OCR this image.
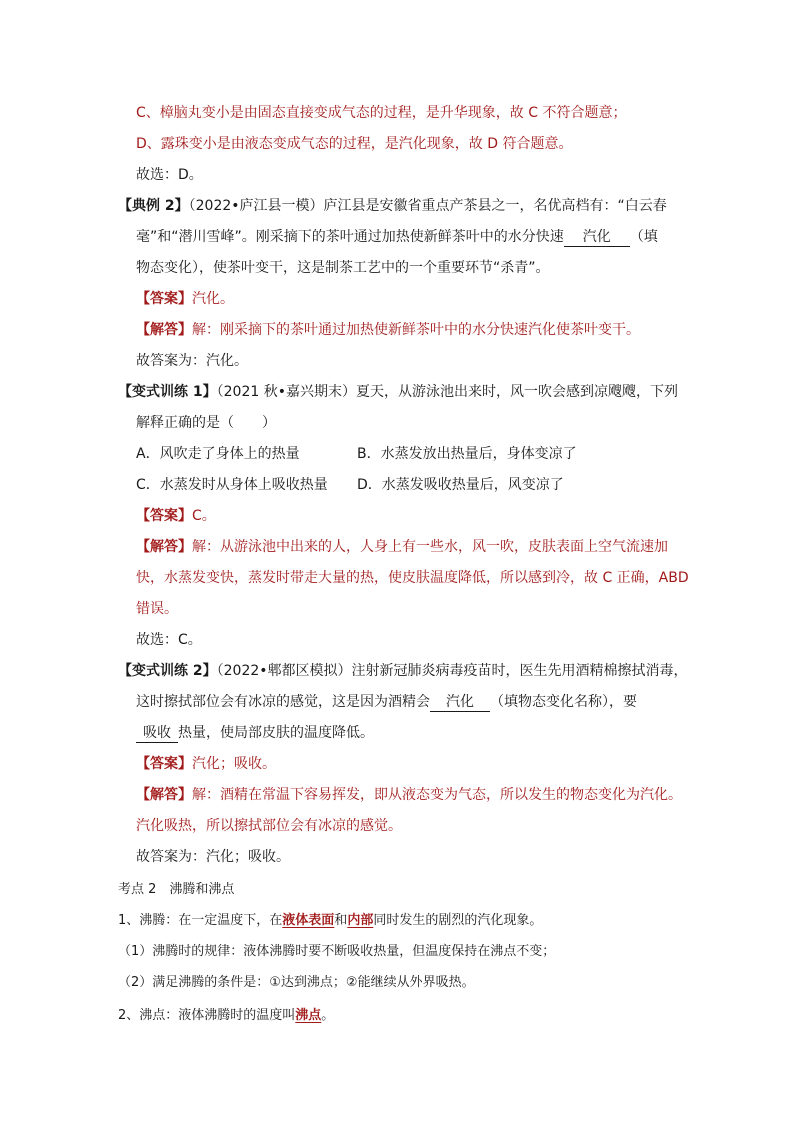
C、樟脑丸变小是由固态直接变成气态的过程，是升华现象，故 C 不符合题意；
D、露珠变小是由液态变成气态的过程，是汽化现象，故 D 符合题意。
故选：D。
【典例 2】（2022•庐江县一模）庐江县是安徽省重点产茶县之一，名优高档有：“白云春
毫”和“潜川雪峰”。刚采摘下的茶叶通过加热使新鲜茶叶中的水分快速 汽化 （填
物态变化），使茶叶变干，这是制茶工艺中的一个重要环节“杀青”。
【答案】汽化。
【解答】解：刚采摘下的茶叶通过加热使新鲜茶叶中的水分快速汽化使茶叶变干。
故答案为：汽化。
【变式训练 1】（2021 秋•嘉兴期末）夏天，从游泳池出来时，风一吹会感到凉飕飕，下列
解释正确的是（　　）
A．风吹走了身体上的热量	B．水蒸发放出热量后，身体变凉了
C．水蒸发时从身体上吸收热量 D．水蒸发吸收热量后，风变凉了
【答案】C。
【解答】解：从游泳池中出来的人，人身上有一些水，风一吹，皮肤表面上空气流速加
快，水蒸发变快，蒸发时带走大量的热，使皮肤温度降低，所以感到冷，故 C 正确，ABD
错误。
故选：C。
【变式训练 2】（2022•郫都区模拟）注射新冠肺炎病毒疫苗时，医生先用酒精棉擦拭消毒，
这时擦拭部位会有冰凉的感觉，这是因为酒精会 汽化 （填物态变化名称），要
吸收 热量，使局部皮肤的温度降低。
【答案】汽化；吸收。
【解答】解：酒精在常温下容易挥发，即从液态变为气态，所以发生的物态变化为汽化。
汽化吸热，所以擦拭部位会有冰凉的感觉。
故答案为：汽化；吸收。
考点 2　沸腾和沸点
1、沸腾：在一定温度下，在液体表面和内部同时发生的剧烈的汽化现象。
（1）沸腾时的规律：液体沸腾时要不断吸收热量，但温度保持在沸点不变；
（2）满足沸腾的条件是：①达到沸点；②能继续从外界吸热。
2、沸点：液体沸腾时的温度叫沸点。
